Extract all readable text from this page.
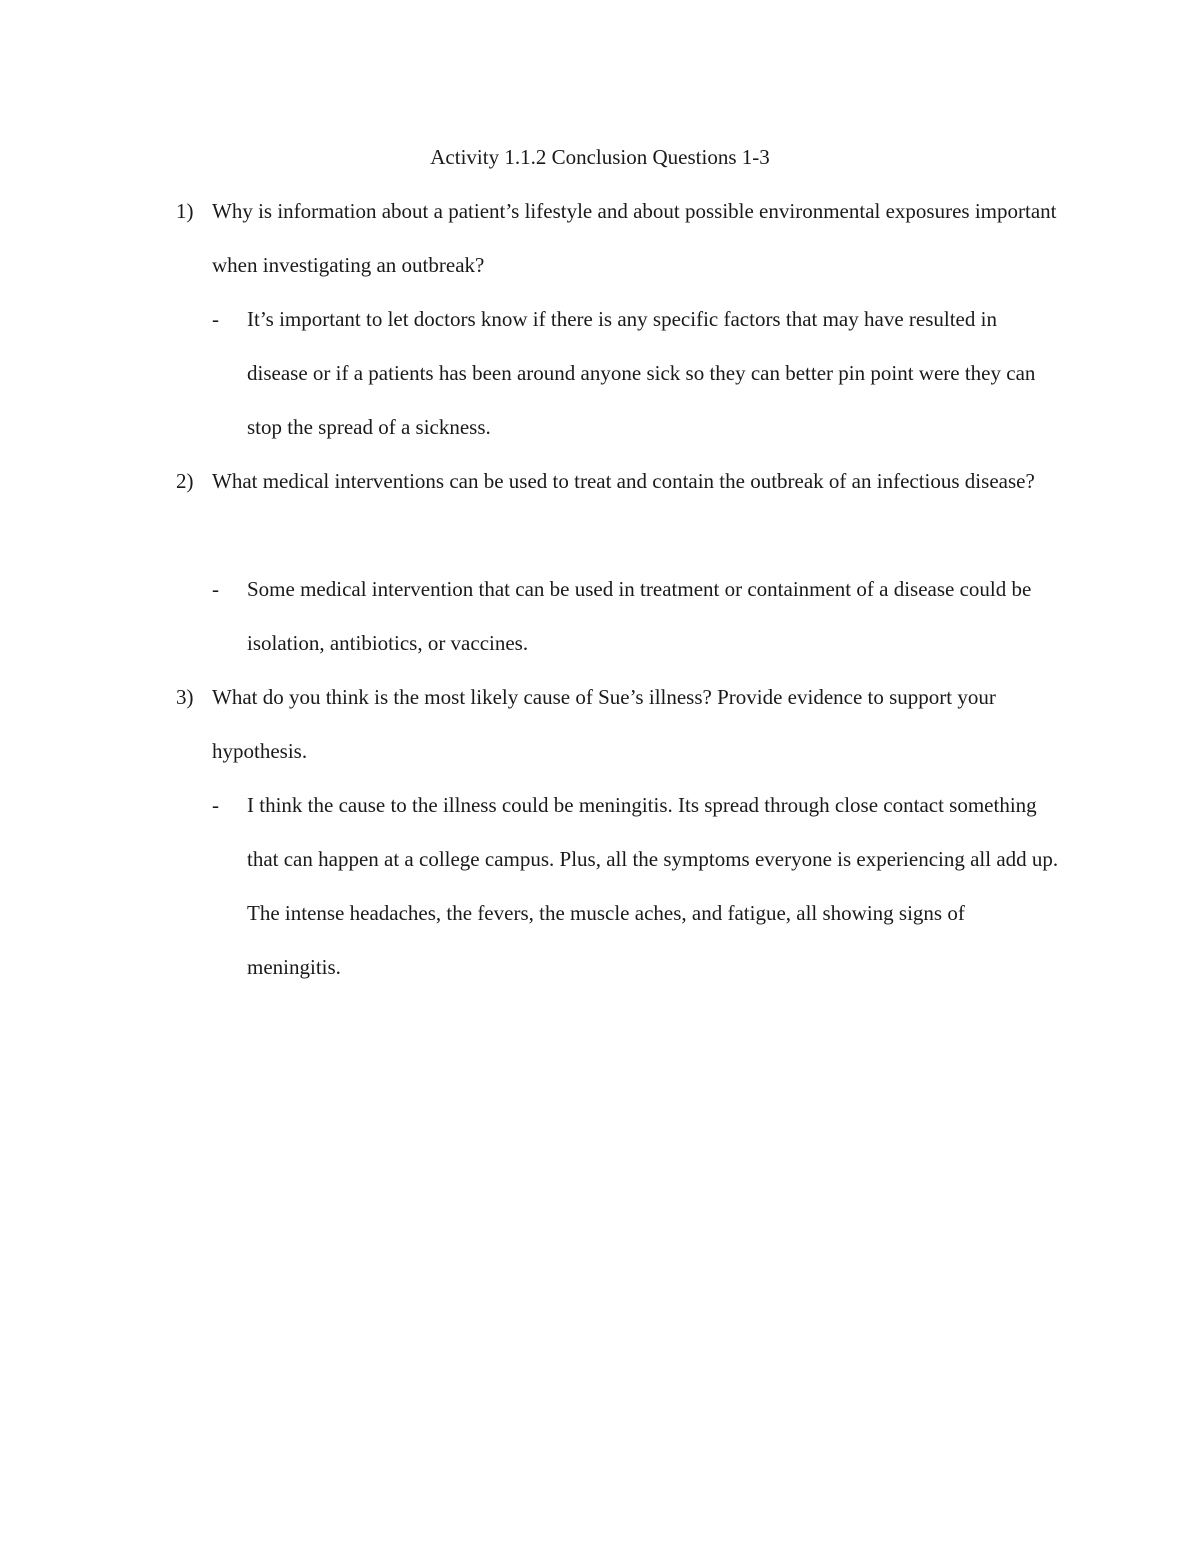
Activity 1.1.2 Conclusion Questions 1-3
1) Why is information about a patient’s lifestyle and about possible environmental exposures important when investigating an outbreak?
- It’s important to let doctors know if there is any specific factors that may have resulted in disease or if a patients has been around anyone sick so they can better pin point were they can stop the spread of a sickness.
2) What medical interventions can be used to treat and contain the outbreak of an infectious disease?
- Some medical intervention that can be used in treatment or containment of a disease could be isolation, antibiotics, or vaccines.
3) What do you think is the most likely cause of Sue’s illness? Provide evidence to support your hypothesis.
- I think the cause to the illness could be meningitis. Its spread through close contact something that can happen at a college campus. Plus, all the symptoms everyone is experiencing all add up. The intense headaches, the fevers, the muscle aches, and fatigue, all showing signs of meningitis.
